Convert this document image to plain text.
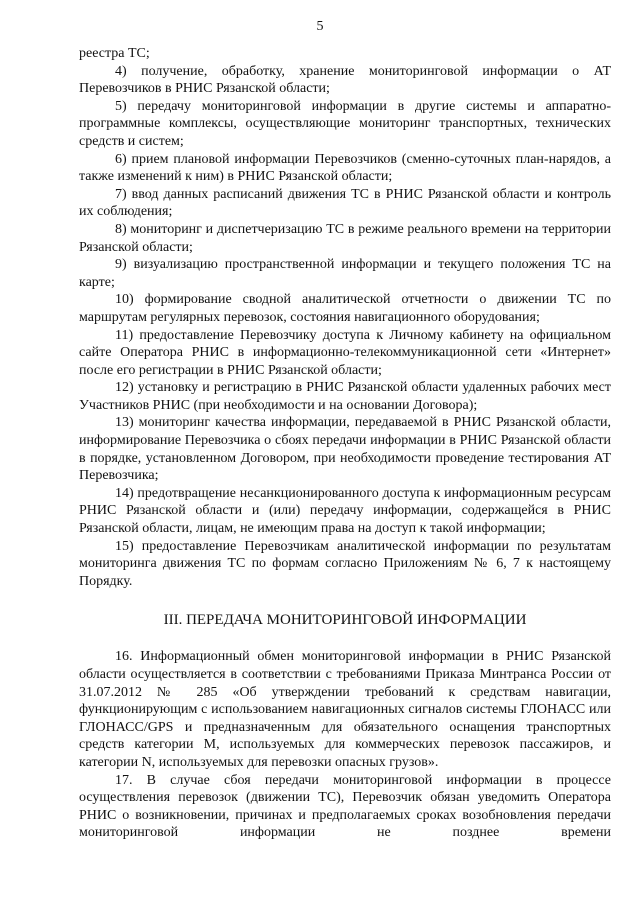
5

реестра ТС;

4) получение, обработку, хранение мониторинговой информации о АТ Перевозчиков в РНИС Рязанской области;

5) передачу мониторинговой информации в другие системы и аппаратно-программные комплексы, осуществляющие мониторинг транспортных, технических средств и систем;

6) прием плановой информации Перевозчиков (сменно-суточных план-нарядов, а также изменений к ним) в РНИС Рязанской области;

7) ввод данных расписаний движения ТС в РНИС Рязанской области и контроль их соблюдения;

8) мониторинг и диспетчеризацию ТС в режиме реального времени на территории Рязанской области;

9) визуализацию пространственной информации и текущего положения ТС на карте;

10) формирование сводной аналитической отчетности о движении ТС по маршрутам регулярных перевозок, состояния навигационного оборудования;

11) предоставление Перевозчику доступа к Личному кабинету на официальном сайте Оператора РНИС в информационно-телекоммуникационной сети «Интернет» после его регистрации в РНИС Рязанской области;

12) установку и регистрацию в РНИС Рязанской области удаленных рабочих мест Участников РНИС (при необходимости и на основании Договора);

13) мониторинг качества информации, передаваемой в РНИС Рязанской области, информирование Перевозчика о сбоях передачи информации в РНИС Рязанской области в порядке, установленном Договором, при необходимости проведение тестирования АТ Перевозчика;

14) предотвращение несанкционированного доступа к информационным ресурсам РНИС Рязанской области и (или) передачу информации, содержащейся в РНИС Рязанской области, лицам, не имеющим права на доступ к такой информации;

15) предоставление Перевозчикам аналитической информации по результатам мониторинга движения ТС по формам согласно Приложениям № 6, 7 к настоящему Порядку.

III. ПЕРЕДАЧА МОНИТОРИНГОВОЙ ИНФОРМАЦИИ

16. Информационный обмен мониторинговой информации в РНИС Рязанской области осуществляется в соответствии с требованиями Приказа Минтранса России от 31.07.2012 № 285 «Об утверждении требований к средствам навигации, функционирующим с использованием навигационных сигналов системы ГЛОНАСС или ГЛОНАСС/GPS и предназначенным для обязательного оснащения транспортных средств категории М, используемых для коммерческих перевозок пассажиров, и категории N, используемых для перевозки опасных грузов».

17. В случае сбоя передачи мониторинговой информации в процессе осуществления перевозок (движении ТС), Перевозчик обязан уведомить Оператора РНИС о возникновении, причинах и предполагаемых сроках возобновления передачи мониторинговой информации не позднее времени
